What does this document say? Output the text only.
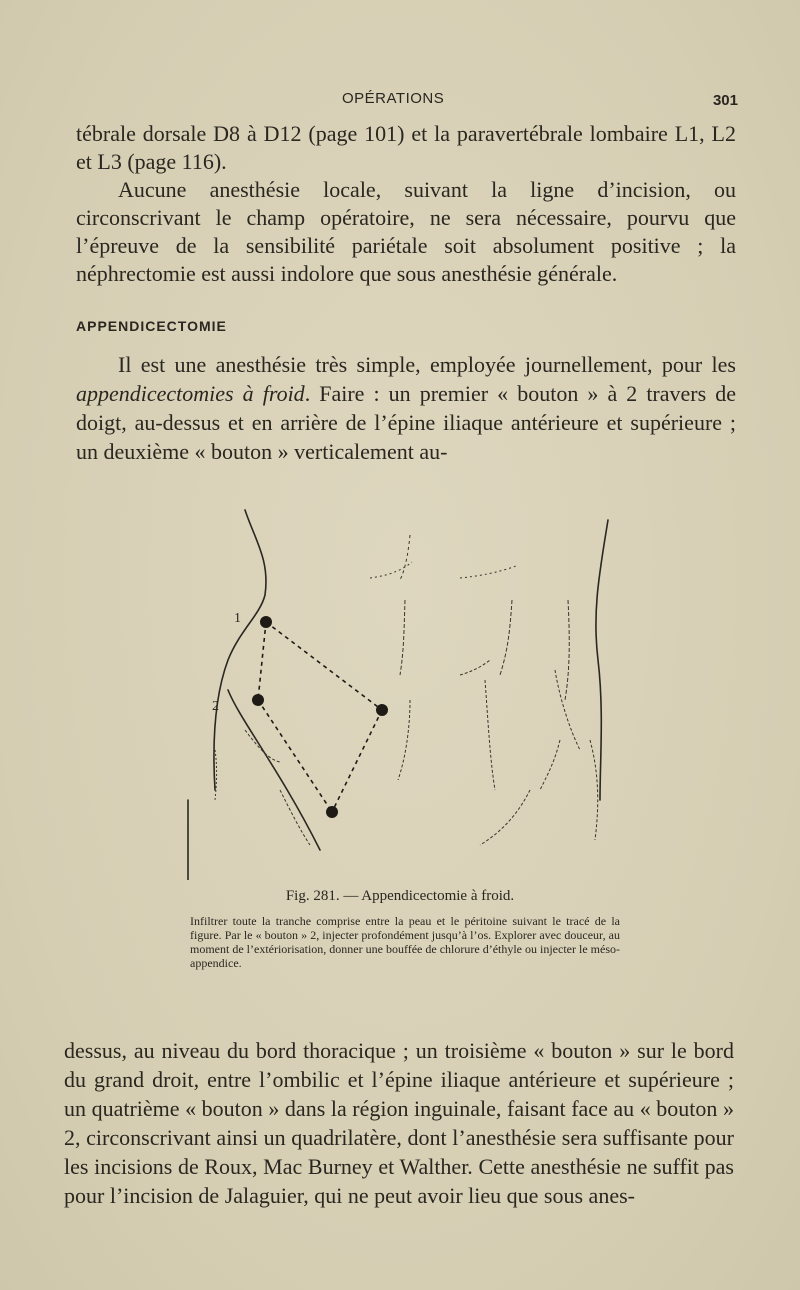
OPÉRATIONS	301

tébrale dorsale D8 à D12 (page 101) et la paravertébrale lombaire L1, L2 et L3 (page 116).

Aucune anesthésie locale, suivant la ligne d’incision, ou circonscrivant le champ opératoire, ne sera nécessaire, pourvu que l’épreuve de la sensibilité pariétale soit absolument positive ; la néphrectomie est aussi indolore que sous anesthésie générale.

APPENDICECTOMIE

Il est une anesthésie très simple, employée journellement, pour les appendicectomies à froid. Faire : un premier « bouton » à 2 travers de doigt, au-dessus et en arrière de l’épine iliaque antérieure et supérieure ; un deuxième « bouton » verticalement au-

1
2
Fig. 281. — Appendicectomie à froid.
Infiltrer toute la tranche comprise entre la peau et le péritoine suivant le tracé de la figure. Par le « bouton » 2, injecter profondément jusqu’à l’os. Explorer avec douceur, au moment de l’extériorisation, donner une bouffée de chlorure d’éthyle ou injecter le méso-appendice.

dessus, au niveau du bord thoracique ; un troisième « bouton » sur le bord du grand droit, entre l’ombilic et l’épine iliaque antérieure et supérieure ; un quatrième « bouton » dans la région inguinale, faisant face au « bouton » 2, circonscrivant ainsi un quadrilatère, dont l’anesthésie sera suffisante pour les incisions de Roux, Mac Burney et Walther. Cette anesthésie ne suffit pas pour l’incision de Jalaguier, qui ne peut avoir lieu que sous anes-
